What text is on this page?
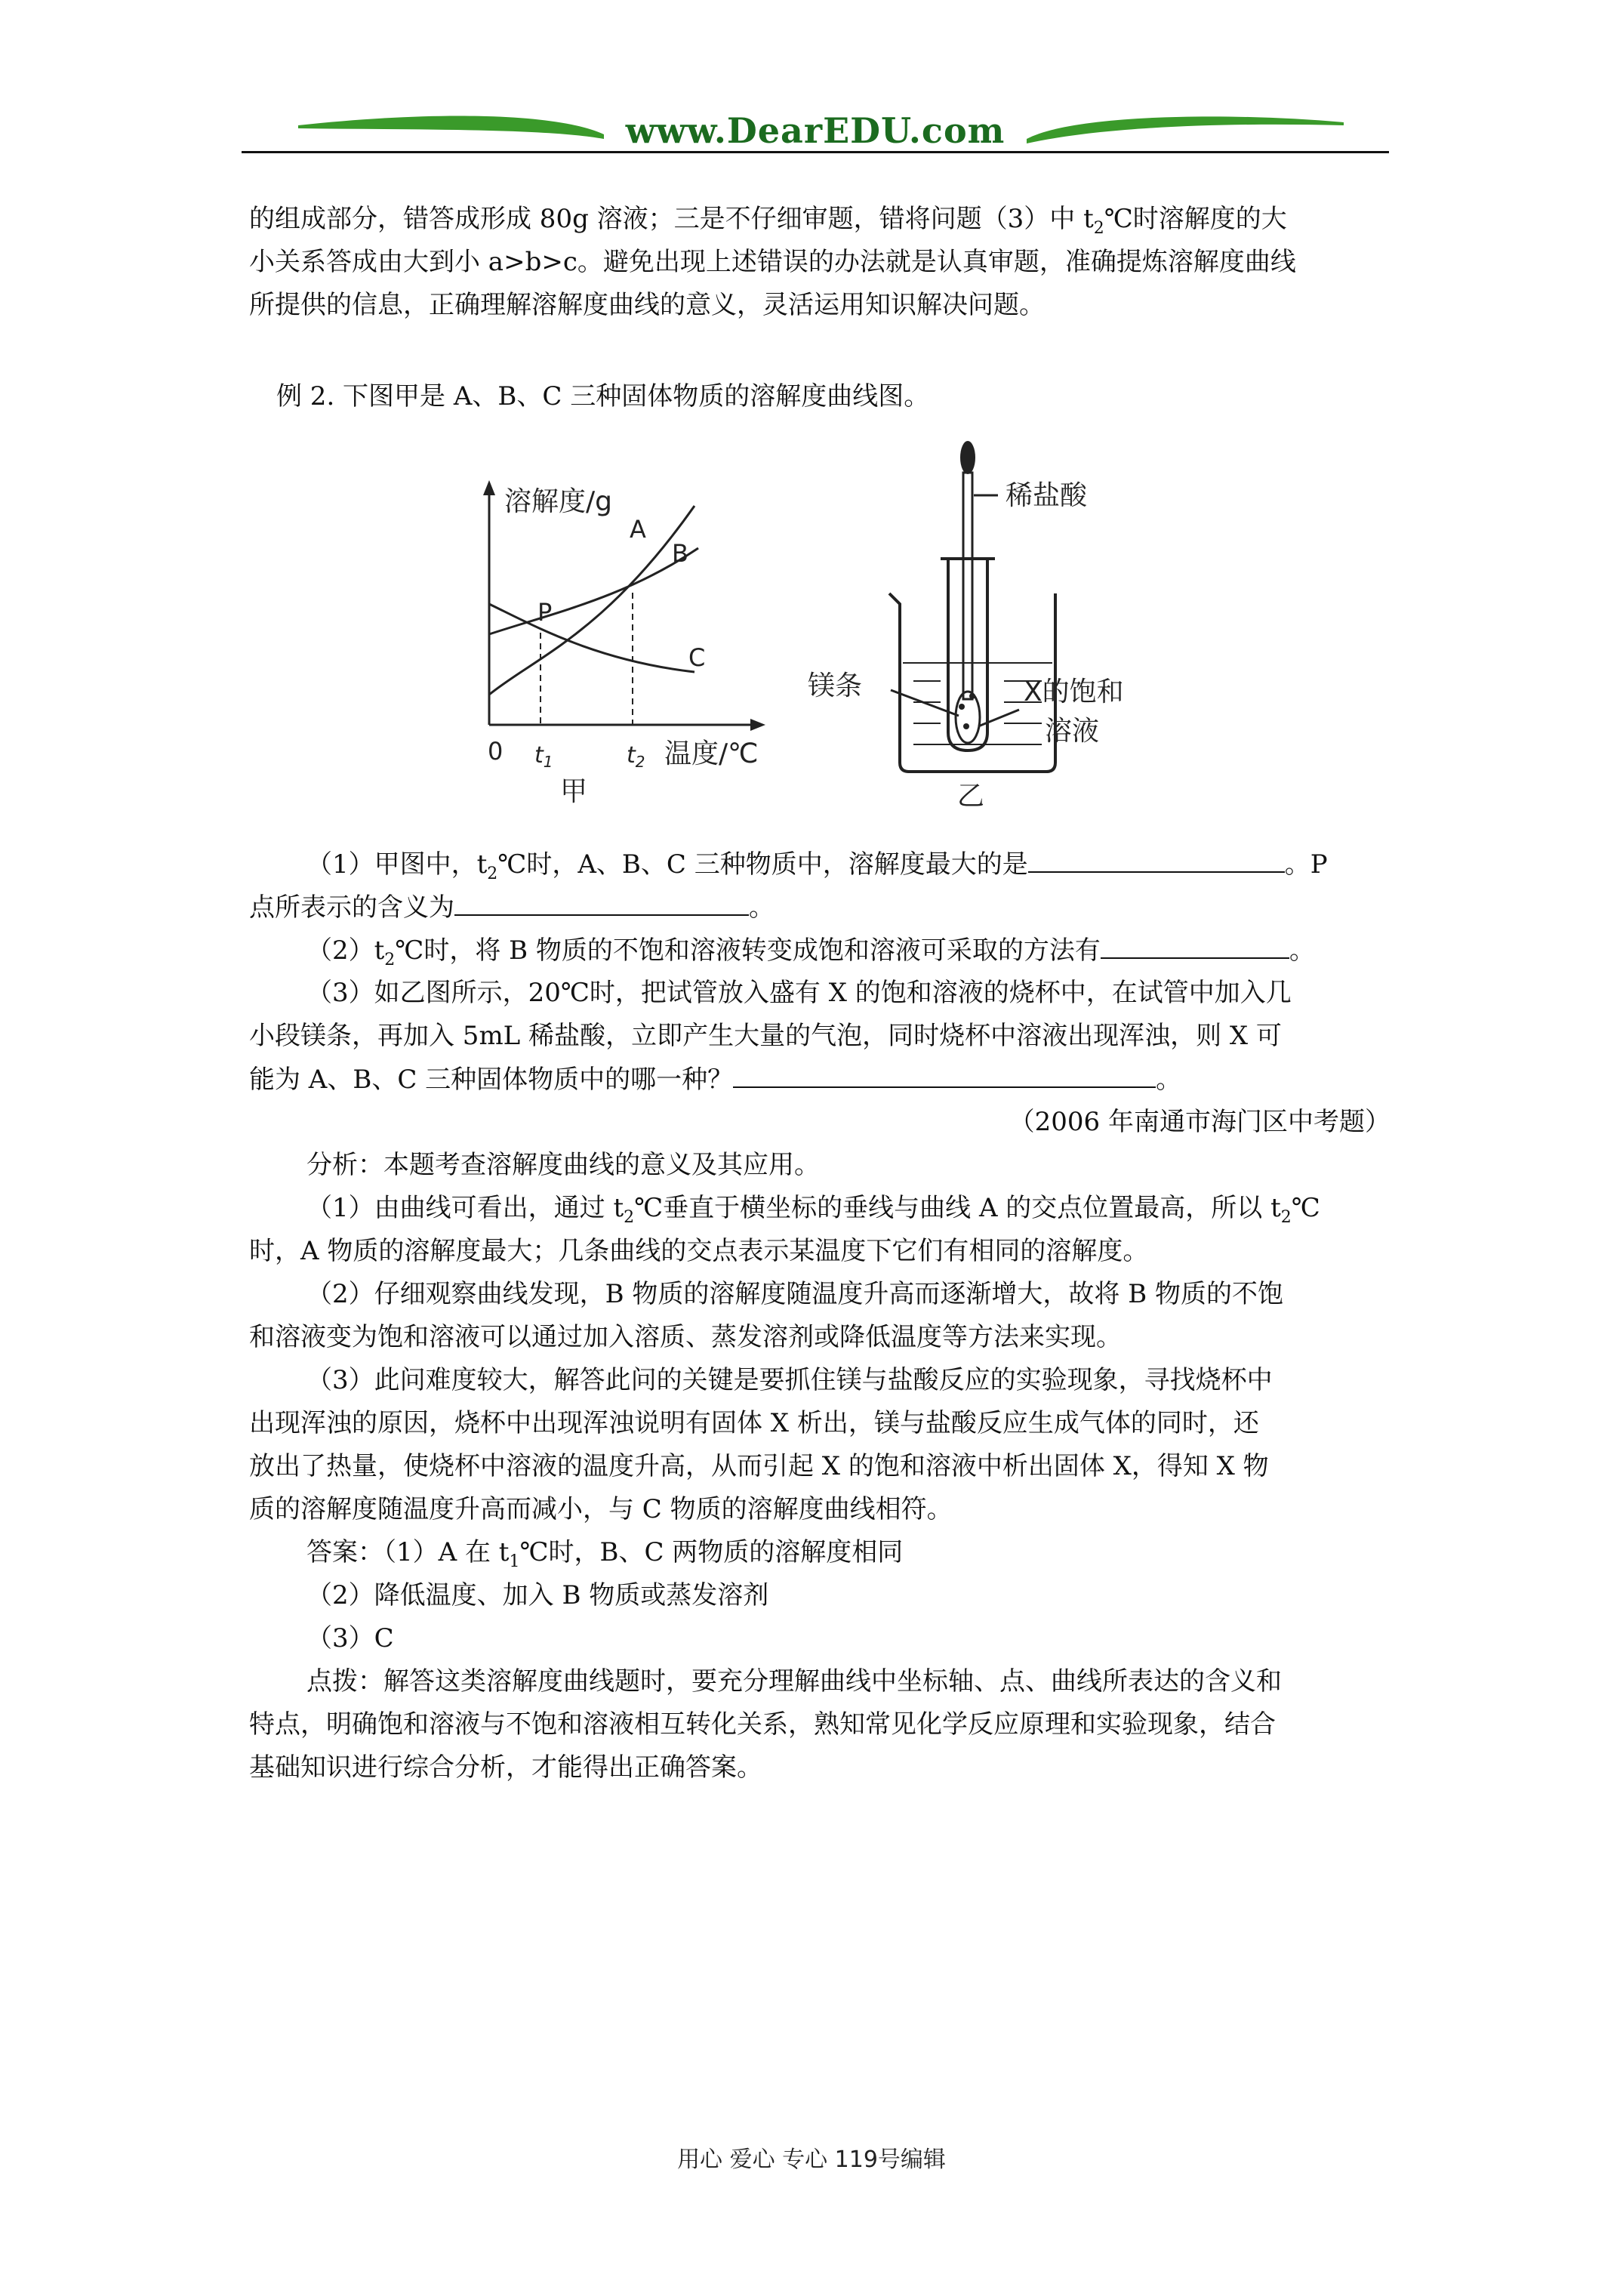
www.DearEDU.com
的组成部分，错答成形成 80g 溶液；三是不仔细审题，错将问题（3）中 $t_2℃$时溶解度的大
小关系答成由大到小 a>b>c。避免出现上述错误的办法就是认真审题，准确提炼溶解度曲线
所提供的信息，正确理解溶解度曲线的意义，灵活运用知识解决问题。
例 2. 下图甲是 A、B、C 三种固体物质的溶解度曲线图。
溶解度/g
A
B
C
P
0 $t_1$	$t_2$ 温度/℃
甲
稀盐酸
镁条	X的饱和
溶液
乙
（1）甲图中，$t_2℃$时，A、B、C 三种物质中，溶解度最大的是	。P
点所表示的含义为	。
$(2)t_2℃$时，将 B 物质的不饱和溶液转变成饱和溶液可采取的方法有	。
（3）如乙图所示，20℃时，把试管放入盛有 X 的饱和溶液的烧杯中，在试管中加入几
小段镁条，再加入 5mL 稀盐酸，立即产生大量的气泡，同时烧杯中溶液出现浑浊，则 X 可
能为 A、B、C 三种固体物质中的哪一种？	。
（2006 年南通市海门区中考题）
分析：本题考查溶解度曲线的意义及其应用。
（1）由曲线可看出，通过 $t_2℃$垂直于横坐标的垂线与曲线 A 的交点位置最高，所以 $t_2℃$
时，A 物质的溶解度最大；几条曲线的交点表示某温度下它们有相同的溶解度。
（2）仔细观察曲线发现，B 物质的溶解度随温度升高而逐渐增大，故将 B 物质的不饱
和溶液变为饱和溶液可以通过加入溶质、蒸发溶剂或降低温度等方法来实现。
（3）此问难度较大，解答此问的关键是要抓住镁与盐酸反应的实验现象，寻找烧杯中
出现浑浊的原因，烧杯中出现浑浊说明有固体 X 析出，镁与盐酸反应生成气体的同时，还
放出了热量，使烧杯中溶液的温度升高，从而引起 X 的饱和溶液中析出固体 X，得知 X 物
质的溶解度随温度升高而减小，与 C 物质的溶解度曲线相符。
答案：（1）A 在 $t_1℃$时，B、C 两物质的溶解度相同
（2）降低温度、加入 B 物质或蒸发溶剂
（3）C
点拨：解答这类溶解度曲线题时，要充分理解曲线中坐标轴、点、曲线所表达的含义和
特点，明确饱和溶液与不饱和溶液相互转化关系，熟知常见化学反应原理和实验现象，结合
基础知识进行综合分析，才能得出正确答案。
用心 爱心 专心 119号编辑
